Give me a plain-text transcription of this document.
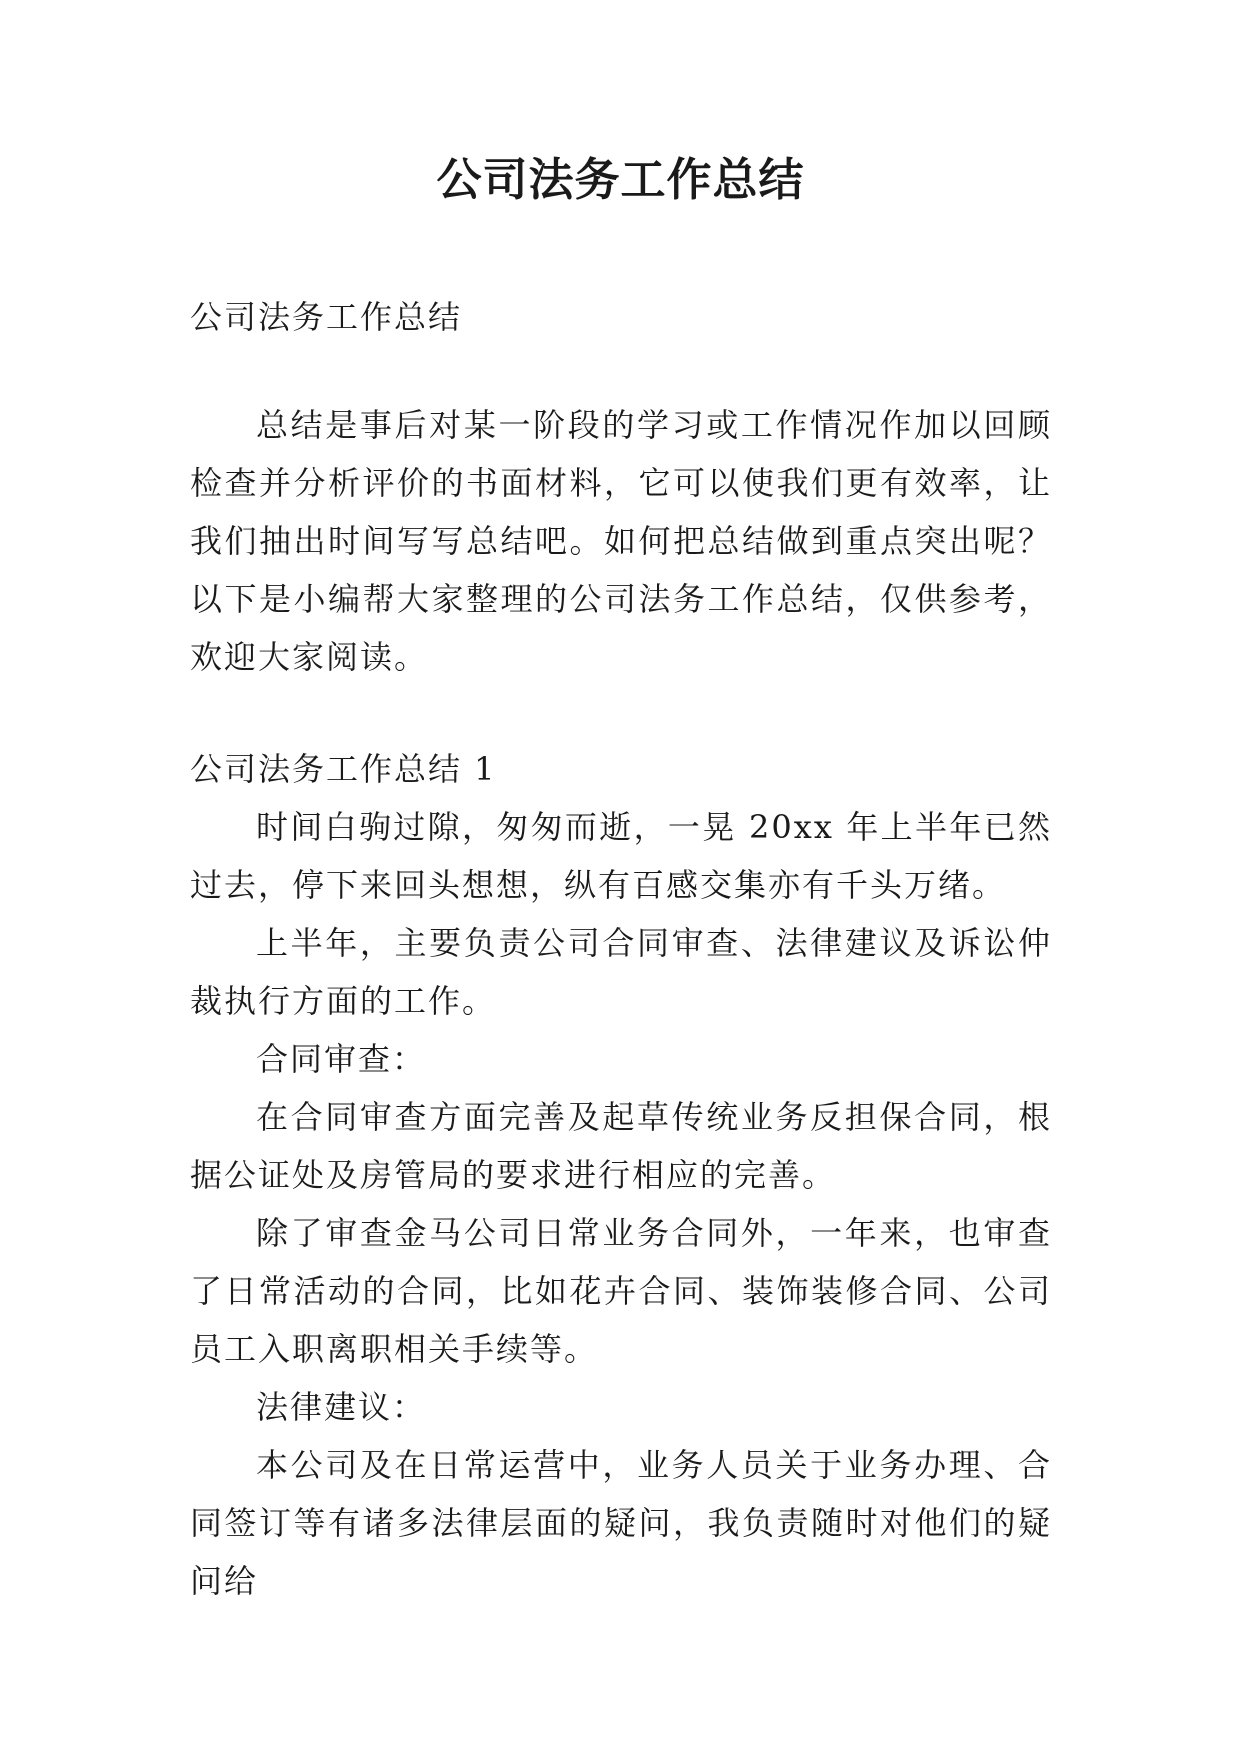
公司法务工作总结

公司法务工作总结

总结是事后对某一阶段的学习或工作情况作加以回顾检查并分析评价的书面材料，它可以使我们更有效率，让我们抽出时间写写总结吧。如何把总结做到重点突出呢？以下是小编帮大家整理的公司法务工作总结，仅供参考，欢迎大家阅读。

公司法务工作总结 1

时间白驹过隙，匆匆而逝，一晃 20xx 年上半年已然过去，停下来回头想想，纵有百感交集亦有千头万绪。

上半年，主要负责公司合同审查、法律建议及诉讼仲裁执行方面的工作。

合同审查：

在合同审查方面完善及起草传统业务反担保合同，根据公证处及房管局的要求进行相应的完善。

除了审查金马公司日常业务合同外，一年来，也审查了日常活动的合同，比如花卉合同、装饰装修合同、公司员工入职离职相关手续等。

法律建议：

本公司及在日常运营中，业务人员关于业务办理、合同签订等有诸多法律层面的疑问，我负责随时对他们的疑问给
